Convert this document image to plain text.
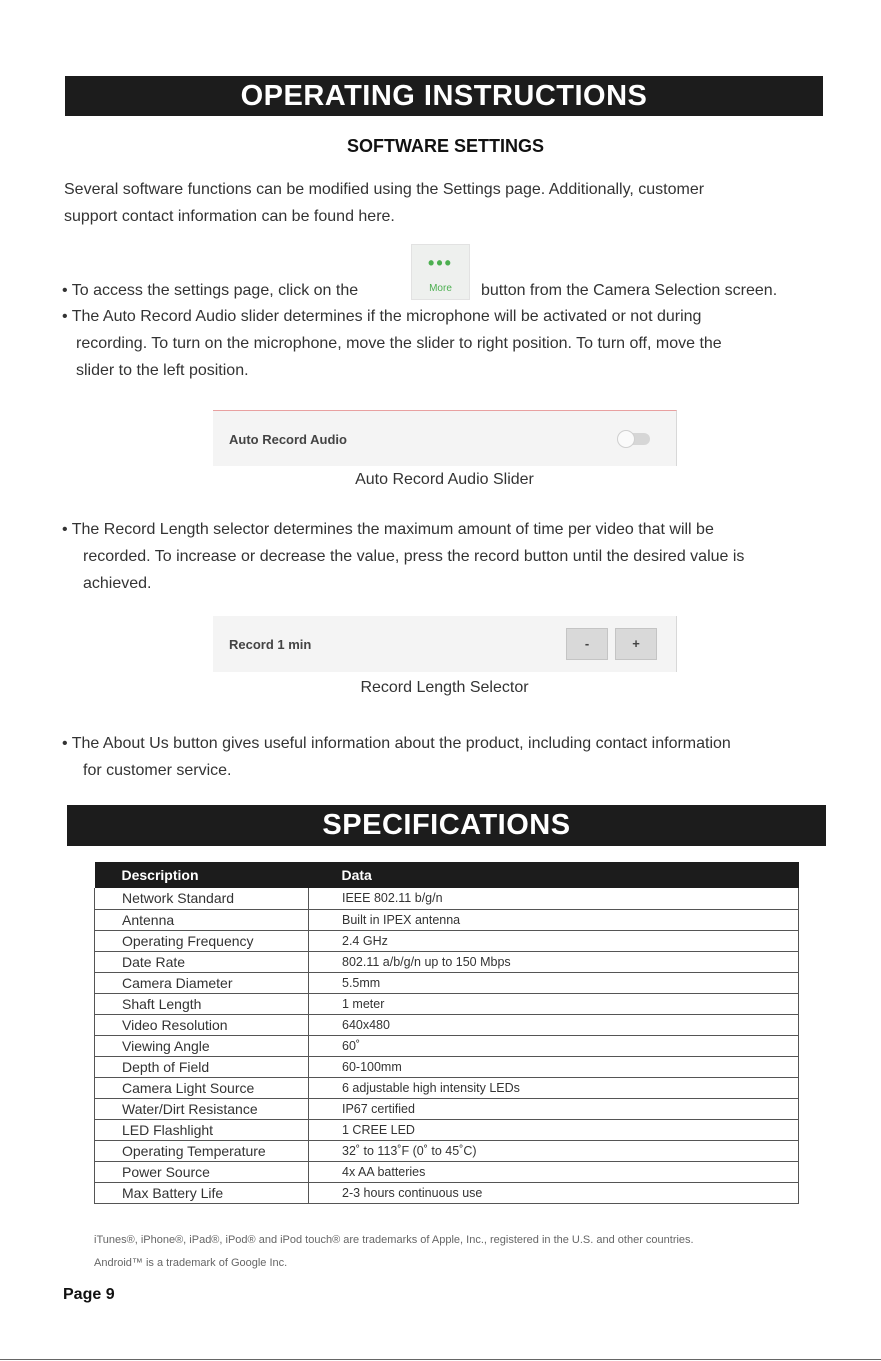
OPERATING INSTRUCTIONS
SOFTWARE SETTINGS
Several software functions can be modified using the Settings page. Additionally, customer
support contact information can be found here.
• To access the settings page, click on the
•••
More	button from the Camera Selection screen.
• The Auto Record Audio slider determines if the microphone will be activated or not during
recording. To turn on the microphone, move the slider to right position. To turn off, move the
slider to the left position.
Auto Record Audio
Auto Record Audio Slider
• The Record Length selector determines the maximum amount of time per video that will be
recorded. To increase or decrease the value, press the record button until the desired value is
achieved.
Record 1 min	-	+
Record Length Selector
• The About Us button gives useful information about the product, including contact information
for customer service.
SPECIFICATIONS
Description	Data
Network Standard	IEEE 802.11 b/g/n
Antenna	Built in IPEX antenna
Operating Frequency	2.4 GHz
Date Rate	802.11 a/b/g/n up to 150 Mbps
Camera Diameter	5.5mm
Shaft Length	1 meter
Video Resolution	640x480
Viewing Angle	60˚
Depth of Field	60-100mm
Camera Light Source	6 adjustable high intensity LEDs
Water/Dirt Resistance	IP67 certified
LED Flashlight	1 CREE LED
Operating Temperature	32˚ to 113˚F (0˚ to 45˚C)
Power Source	4x AA batteries
Max Battery Life	2-3 hours continuous use
iTunes®, iPhone®, iPad®, iPod® and iPod touch® are trademarks of Apple, Inc., registered in the U.S. and other countries.
Android™ is a trademark of Google Inc.
Page 9
